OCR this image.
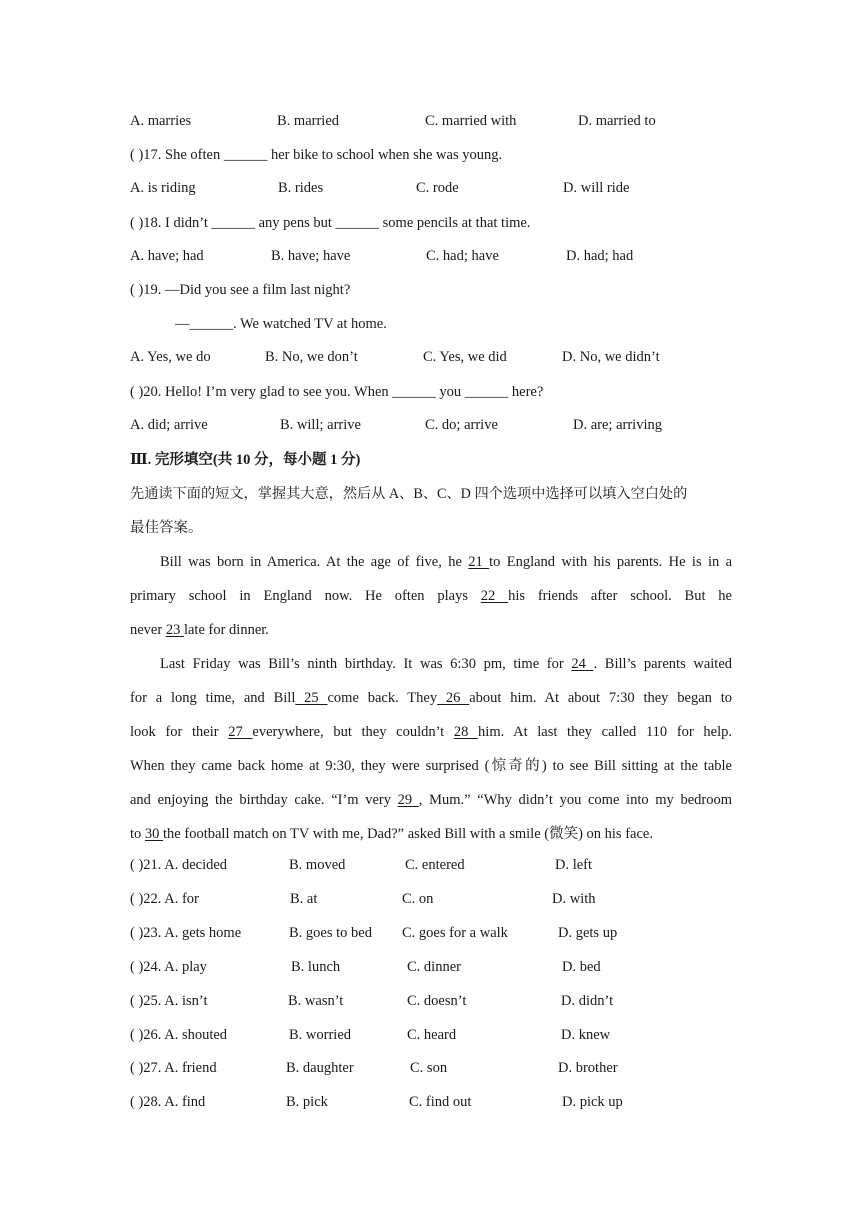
A. marries	B. married	C. married with	D. married to
( )17. She often ______ her bike to school when she was young.
A. is riding	B. rides	C. rode	D. will ride
( )18. I didn’t ______ any pens but ______ some pencils at that time.
A. have; had	B. have; have	C. had; have	D. had; had
( )19. —Did you see a film last night?
—______. We watched TV at home.
A. Yes, we do	B. No, we don’t	C. Yes, we did	D. No, we didn’t
( )20. Hello! I’m very glad to see you. When ______ you ______ here?
A. did; arrive	B. will; arrive	C. do; arrive	D. are; arriving
Ⅲ. 完形填空(共 10 分，每小题 1 分)
先通读下面的短文，掌握其大意，然后从 A、B、C、D 四个选项中选择可以填入空白处的
最佳答案。
Bill was born in America. At the age of five, he 21 to England with his parents. He is in a
primary school in England now. He often plays 22 his friends after school. But he
never 23 late for dinner.
Last Friday was Bill’s ninth birthday. It was 6:30 pm, time for 24 . Bill’s parents waited
for a long time, and Bill 25 come back. They 26 about him. At about 7:30 they began to
look for their 27 everywhere, but they couldn’t 28 him. At last they called 110 for help.
When they came back home at 9:30, they were surprised (惊奇的) to see Bill sitting at the table
and enjoying the birthday cake. “I’m very 29 , Mum.” “Why didn’t you come into my bedroom
to 30 the football match on TV with me, Dad?” asked Bill with a smile (微笑) on his face.
( )21. A. decided	B. moved	C. entered	D. left
( )22. A. for	B. at	C. on	D. with
( )23. A. gets home	B. goes to bed C. goes for a walk	D. gets up
( )24. A. play	B. lunch	C. dinner	D. bed
( )25. A. isn’t	B. wasn’t	C. doesn’t	D. didn’t
( )26. A. shouted	B. worried	C. heard	D. knew
( )27. A. friend	B. daughter	C. son	D. brother
( )28. A. find	B. pick	C. find out	D. pick up
